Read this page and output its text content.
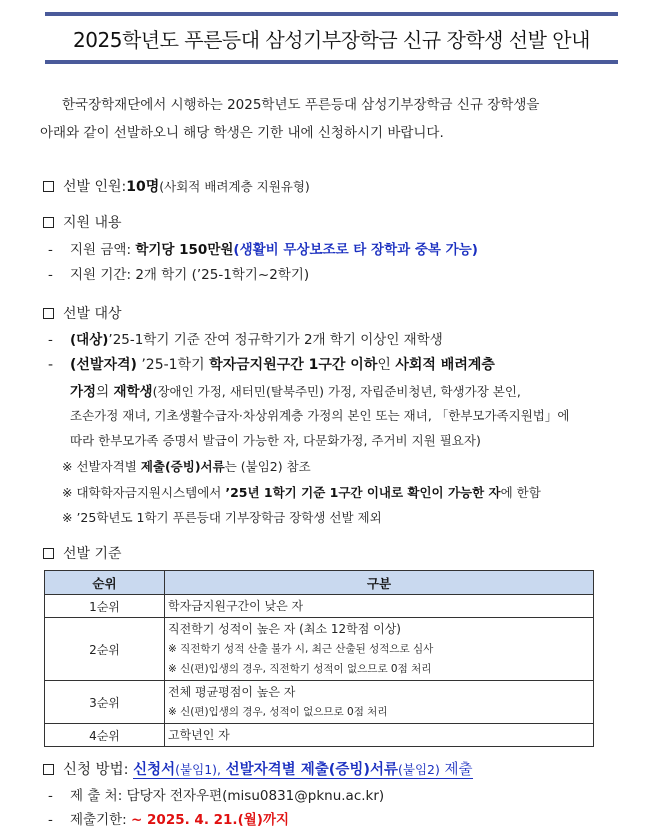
2025학년도 푸른등대 삼성기부장학금 신규 장학생 선발 안내
한국장학재단에서 시행하는 2025학년도 푸른등대 삼성기부장학금 신규 장학생을
아래와 같이 선발하오니 해당 학생은 기한 내에 신청하시기 바랍니다.
선발 인원:10명(사회적 배려계층 지원유형)
지원 내용
- 지원 금액: 학기당 150만원(생활비 무상보조로 타 장학과 중복 가능)
- 지원 기간: 2개 학기 (’25-1학기~2학기)
선발 대상
- (대상)’25-1학기 기준 잔여 정규학기가 2개 학기 이상인 재학생
- (선발자격) ’25-1학기 학자금지원구간 1구간 이하인 사회적 배려계층
가정의 재학생(장애인 가정, 새터민(탈북주민) 가정, 자립준비청년, 학생가장 본인,
조손가정 재녀, 기초생활수급자·차상위계층 가정의 본인 또는 재녀, 「한부모가족지원법」에
따라 한부모가족 증명서 발급이 가능한 자, 다문화가정, 주거비 지원 필요자)
※ 선발자격별 제출(증빙)서류는 (붙임2) 참조
※ 대학학자금지원시스템에서 ’25년 1학기 기준 1구간 이내로 확인이 가능한 자에 한함
※ ’25학년도 1학기 푸른등대 기부장학금 장학생 선발 제외
선발 기준
순위	구분
1순위	학자금지원구간이 낮은 자

2순위	직전학기 성적이 높은 자 (최소 12학점 이상)
※ 직전학기 성적 산출 불가 시, 최근 산출된 성적으로 심사
※ 신(편)입생의 경우, 직전학기 성적이 없으므로 0점 처리

3순위	전체 평균평점이 높은 자
※ 신(편)입생의 경우, 성적이 없으므로 0점 처리

4순위	고학년인 자
신청 방법: 신청서(붙임1), 선발자격별 제출(증빙)서류(붙임2) 제출
- 제 출 처: 담당자 전자우편(misu0831@pknu.ac.kr)
- 제출기한: ~ 2025. 4. 21.(월)까지
